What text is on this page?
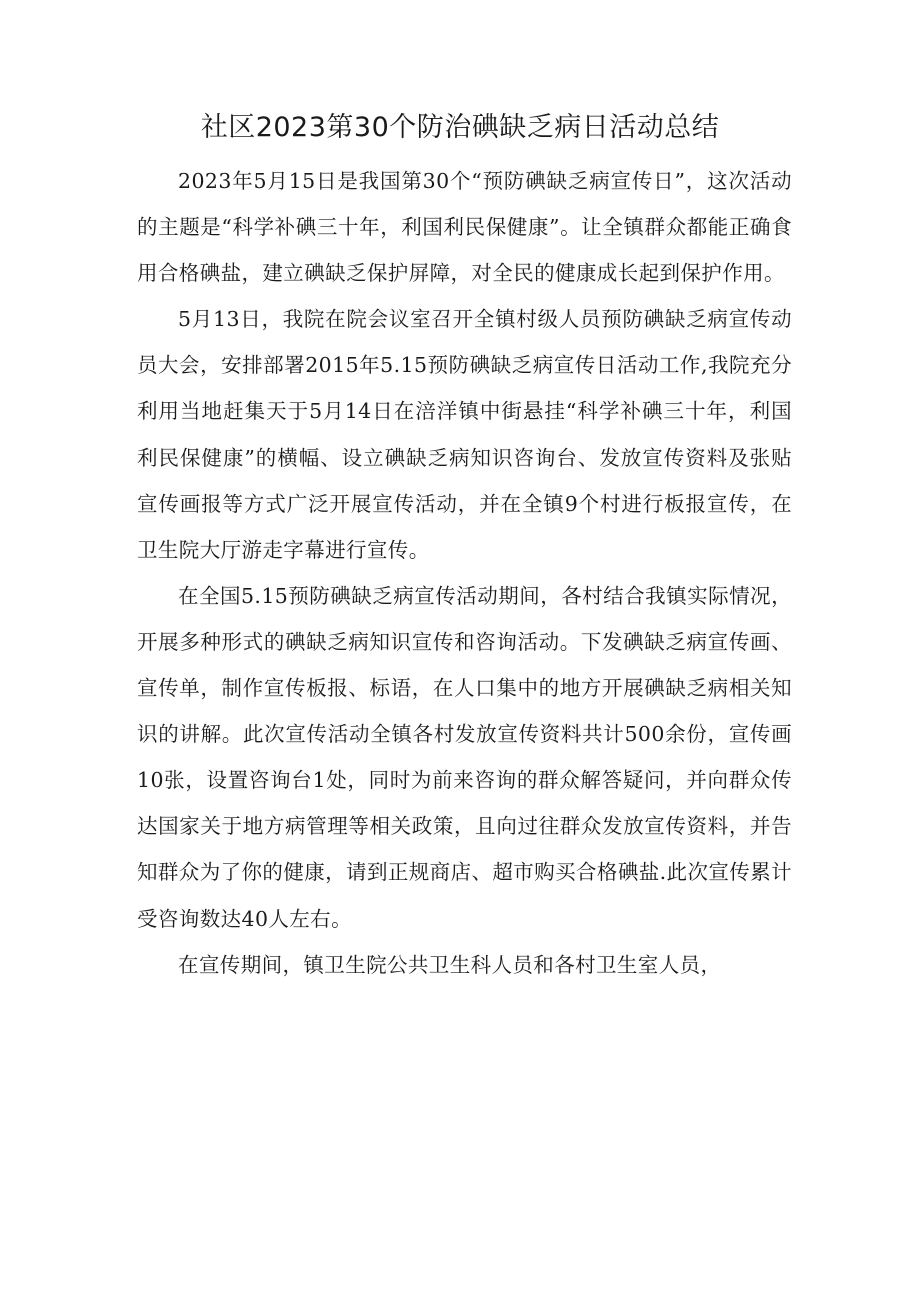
社区2023第30个防治碘缺乏病日活动总结

2023年5月15日是我国第30个“预防碘缺乏病宣传日”，这次活动的主题是“科学补碘三十年，利国利民保健康”。让全镇群众都能正确食用合格碘盐，建立碘缺乏保护屏障，对全民的健康成长起到保护作用。

5月13日，我院在院会议室召开全镇村级人员预防碘缺乏病宣传动员大会，安排部署2015年5.15预防碘缺乏病宣传日活动工作,我院充分利用当地赶集天于5月14日在涪洋镇中街悬挂“科学补碘三十年，利国利民保健康”的横幅、设立碘缺乏病知识咨询台、发放宣传资料及张贴宣传画报等方式广泛开展宣传活动，并在全镇9个村进行板报宣传，在卫生院大厅游走字幕进行宣传。

在全国5.15预防碘缺乏病宣传活动期间，各村结合我镇实际情况，开展多种形式的碘缺乏病知识宣传和咨询活动。下发碘缺乏病宣传画、宣传单，制作宣传板报、标语，在人口集中的地方开展碘缺乏病相关知识的讲解。此次宣传活动全镇各村发放宣传资料共计500余份，宣传画10张，设置咨询台1处，同时为前来咨询的群众解答疑问，并向群众传达国家关于地方病管理等相关政策，且向过往群众发放宣传资料，并告知群众为了你的健康，请到正规商店、超市购买合格碘盐.此次宣传累计受咨询数达40人左右。

在宣传期间，镇卫生院公共卫生科人员和各村卫生室人员，
